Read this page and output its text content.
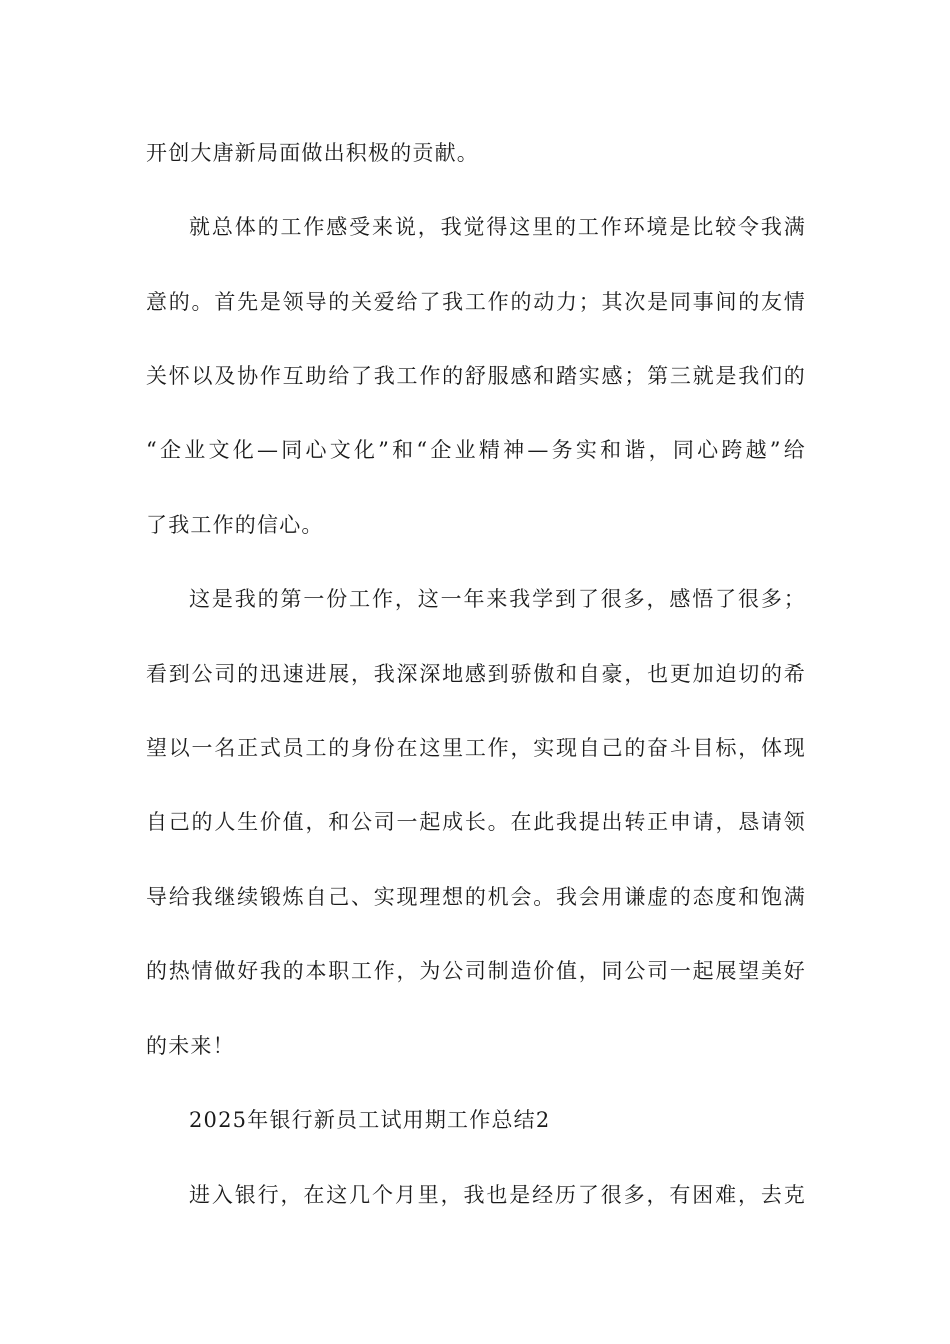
开创大唐新局面做出积极的贡献。
就总体的工作感受来说，我觉得这里的工作环境是比较令我满
意的。首先是领导的关爱给了我工作的动力；其次是同事间的友情
关怀以及协作互助给了我工作的舒服感和踏实感；第三就是我们的
“企业文化—同心文化”和“企业精神—务实和谐，同心跨越”给
了我工作的信心。
这是我的第一份工作，这一年来我学到了很多，感悟了很多；
看到公司的迅速进展，我深深地感到骄傲和自豪，也更加迫切的希
望以一名正式员工的身份在这里工作，实现自己的奋斗目标，体现
自己的人生价值，和公司一起成长。在此我提出转正申请，恳请领
导给我继续锻炼自己、实现理想的机会。我会用谦虚的态度和饱满
的热情做好我的本职工作，为公司制造价值，同公司一起展望美好
的未来！
2025年银行新员工试用期工作总结2
进入银行，在这几个月里，我也是经历了很多，有困难，去克
